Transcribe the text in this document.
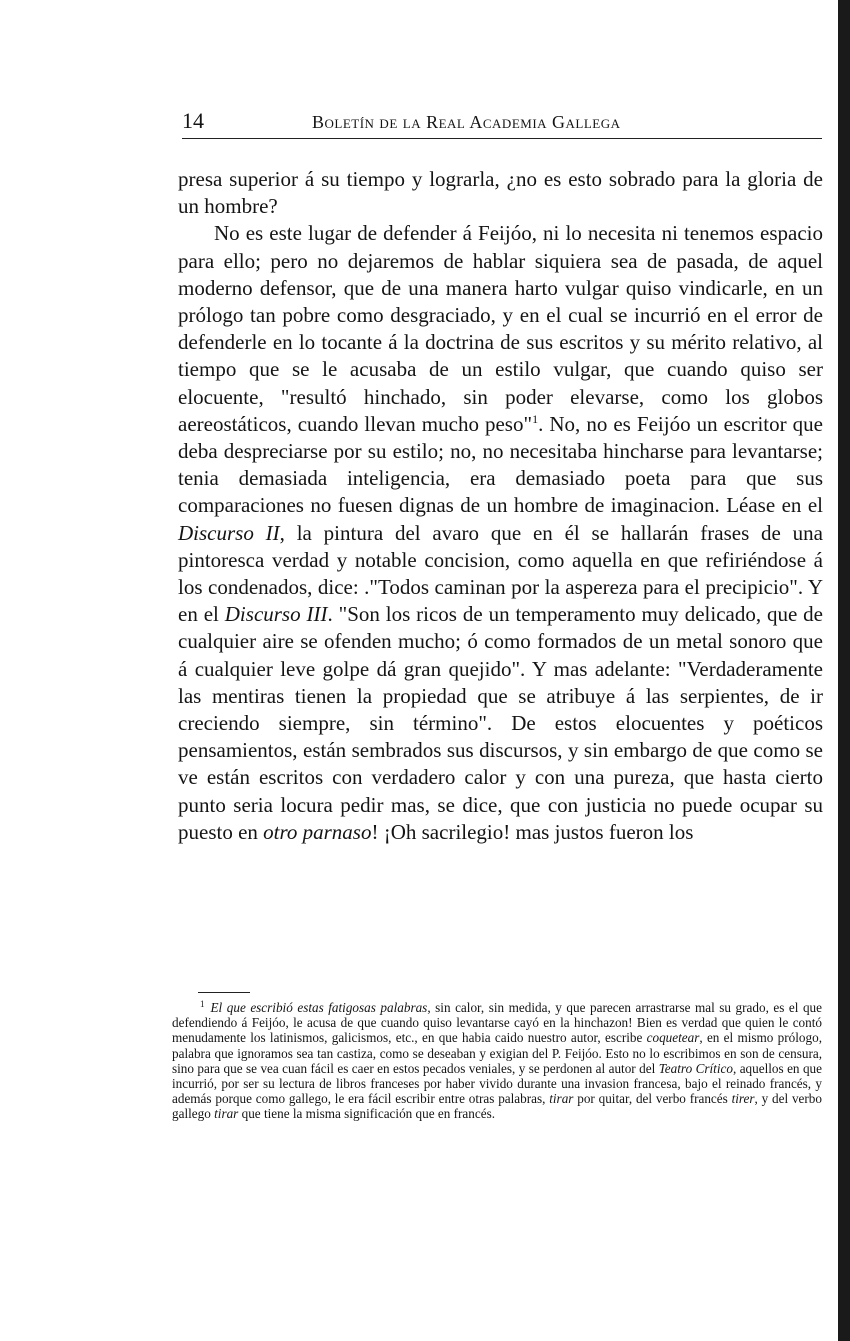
14	Boletín de la Real Academia Gallega

presa superior á su tiempo y lograrla, ¿no es esto sobrado para la gloria de un hombre?

No es este lugar de defender á Feijóo, ni lo necesita ni tenemos espacio para ello; pero no dejaremos de hablar siquiera sea de pasada, de aquel moderno defensor, que de una manera harto vulgar quiso vindicarle, en un prólogo tan pobre como desgraciado, y en el cual se incurrió en el error de defenderle en lo tocante á la doctrina de sus escritos y su mérito relativo, al tiempo que se le acusaba de un estilo vulgar, que cuando quiso ser elocuente, "resultó hinchado, sin poder elevarse, como los globos aereostáticos, cuando llevan mucho peso"$^1$. No, no es Feijóo un escritor que deba despreciarse por su estilo; no, no necesitaba hincharse para levantarse; tenia demasiada inteligencia, era demasiado poeta para que sus comparaciones no fuesen dignas de un hombre de imaginacion. Léase en el Discurso II, la pintura del avaro que en él se hallarán frases de una pintoresca verdad y notable concision, como aquella en que refiriéndose á los condenados, dice: ."Todos caminan por la aspereza para el precipicio". Y en el Discurso III. "Son los ricos de un temperamento muy delicado, que de cualquier aire se ofenden mucho; ó como formados de un metal sonoro que á cualquier leve golpe dá gran quejido". Y mas adelante: "Verdaderamente las mentiras tienen la propiedad que se atribuye á las serpientes, de ir creciendo siempre, sin término". De estos elocuentes y poéticos pensamientos, están sembrados sus discursos, y sin embargo de que como se ve están escritos con verdadero calor y con una pureza, que hasta cierto punto seria locura pedir mas, se dice, que con justicia no puede ocupar su puesto en otro parnaso! ¡Oh sacrilegio! mas justos fueron los

$^1$ El que escribió estas fatigosas palabras, sin calor, sin medida, y que parecen arrastrarse mal su grado, es el que defendiendo á Feijóo, le acusa de que cuando quiso levantarse cayó en la hinchazon! Bien es verdad que quien le contó menudamente los latinismos, galicismos, etc., en que habia caido nuestro autor, escribe coquetear, en el mismo prólogo, palabra que ignoramos sea tan castiza, como se deseaban y exigian del P. Feijóo. Esto no lo escribimos en son de censura, sino para que se vea cuan fácil es caer en estos pecados veniales, y se perdonen al autor del Teatro Crítico, aquellos en que incurrió, por ser su lectura de libros franceses por haber vivido durante una invasion francesa, bajo el reinado francés, y además porque como gallego, le era fácil escribir entre otras palabras, tirar por quitar, del verbo francés tirer, y del verbo gallego tirar que tiene la misma significación que en francés.
